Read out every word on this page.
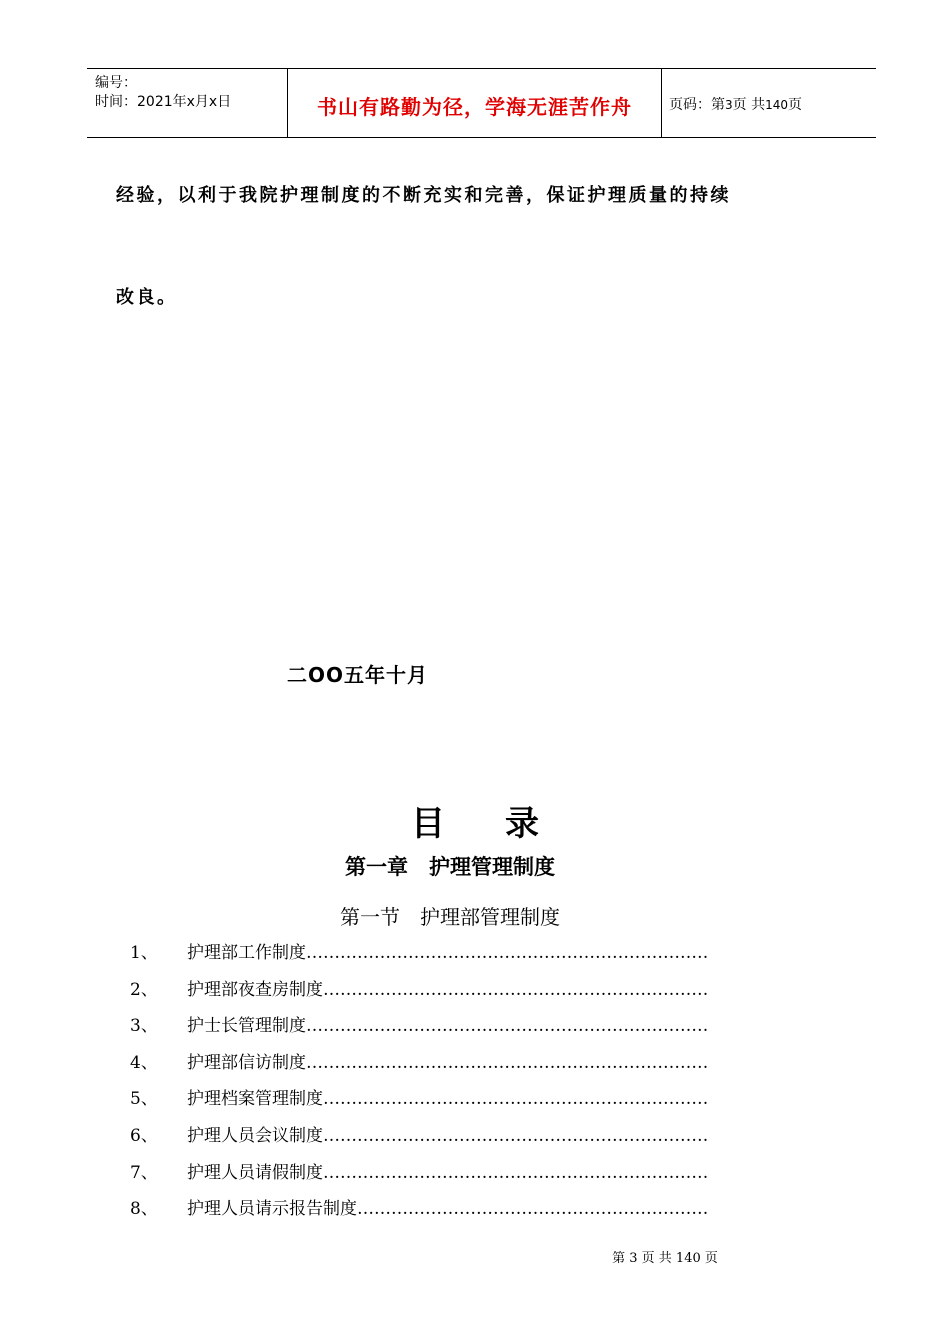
编号：
时间：2021年x月x日	书山有路勤为径，学海无涯苦作舟	页码：第3页 共140页
经验，以利于我院护理制度的不断充实和完善，保证护理质量的持续
改良。
二OO五年十月
目 录
第一章　护理管理制度
第一节　护理部管理制度
1、	护理部工作制度 ……………………………………………………………………………………………………
2、	护理部夜查房制度 ……………………………………………………………………………………………………
3、	护士长管理制度 ……………………………………………………………………………………………………
4、	护理部信访制度 ……………………………………………………………………………………………………
5、	护理档案管理制度 ……………………………………………………………………………………………………
6、	护理人员会议制度 ……………………………………………………………………………………………………
7、	护理人员请假制度 ……………………………………………………………………………………………………
8、	护理人员请示报告制度 ……………………………………………………………………………………………………
第 3 页 共 140 页
